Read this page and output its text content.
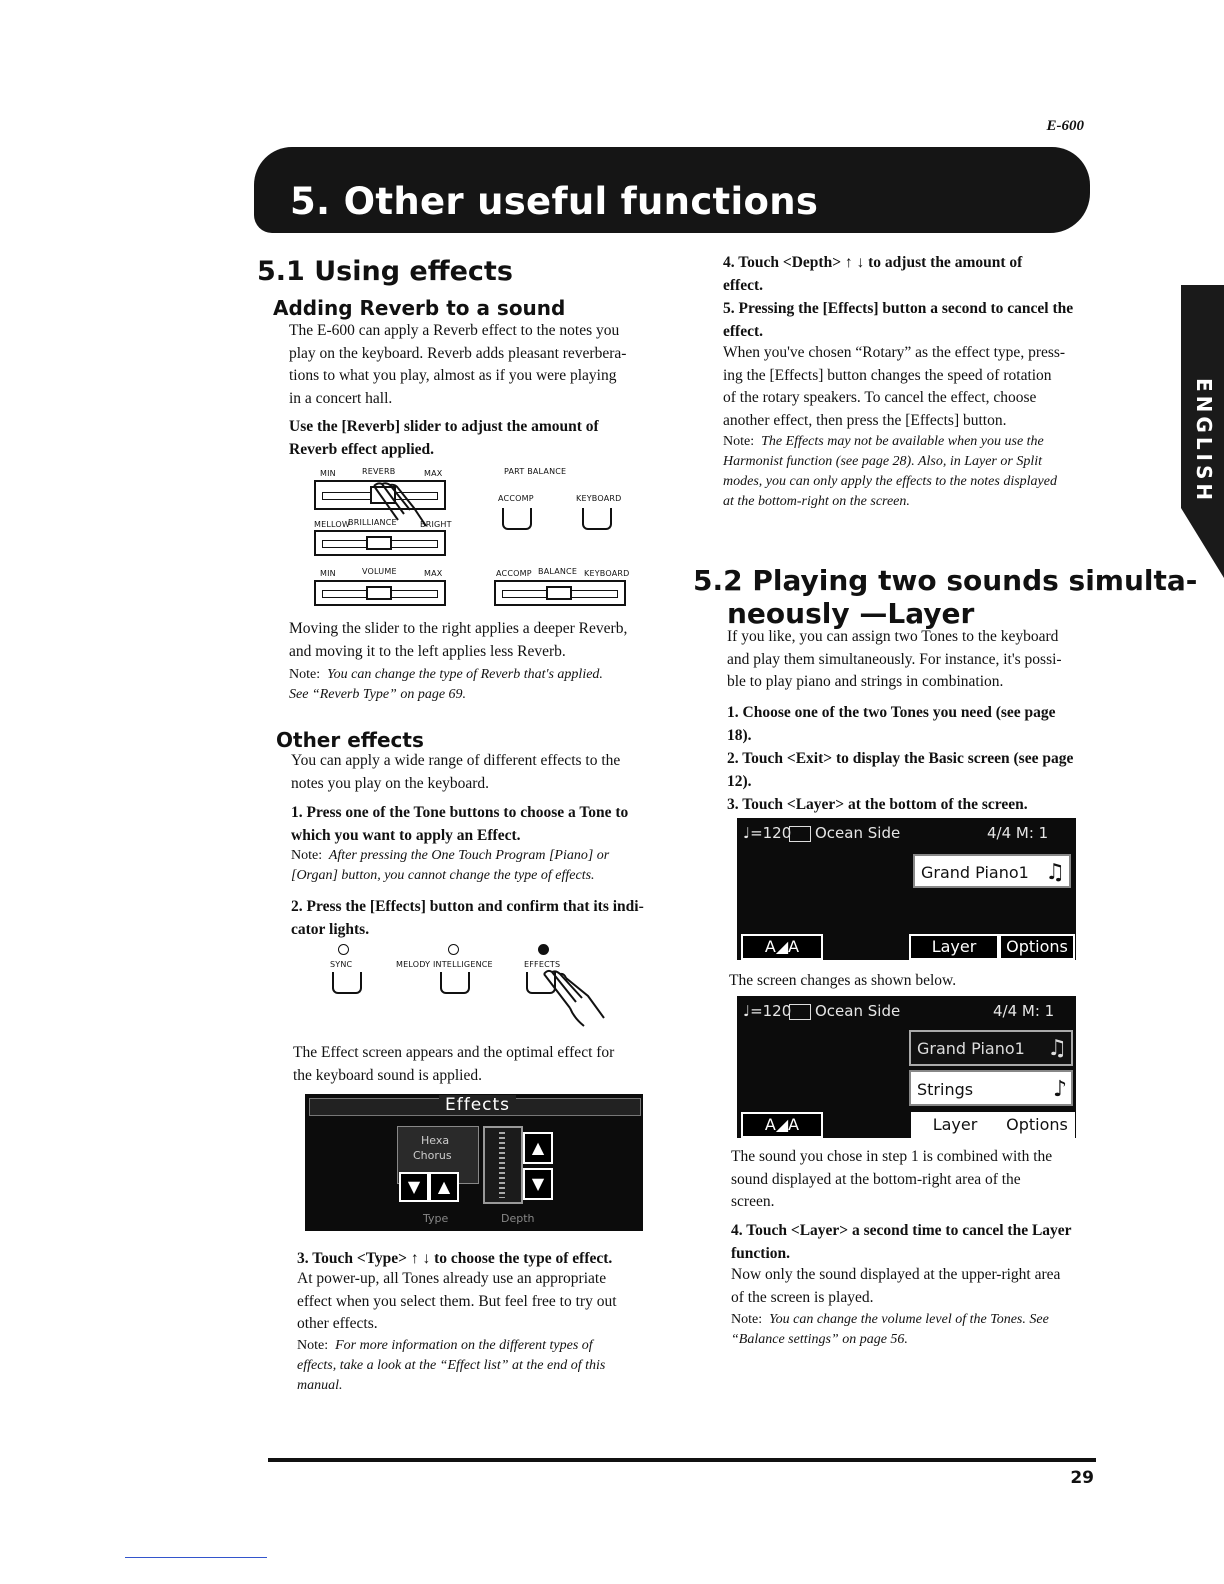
E-600
5. Other useful functions
ENGLISH
5.1 Using effects
Adding Reverb to a sound
The E-600 can apply a Reverb effect to the notes you
play on the keyboard. Reverb adds pleasant reverbera-
tions to what you play, almost as if you were playing
in a concert hall.
Use the [Reverb] slider to adjust the amount of
Reverb effect applied.
MIN	REVERB	MAX
MELLOW
BRILLIANCE	BRIGHT
MIN	VOLUME	MAX
PART BALANCE
ACCOMP	KEYBOARD
ACCOMP BALANCE KEYBOARD
Moving the slider to the right applies a deeper Reverb,
and moving it to the left applies less Reverb.
Note: You can change the type of Reverb that's applied.
See “Reverb Type” on page 69.
Other effects
You can apply a wide range of different effects to the
notes you play on the keyboard.
1. Press one of the Tone buttons to choose a Tone to
which you want to apply an Effect.
Note: After pressing the One Touch Program [Piano] or
[Organ] button, you cannot change the type of effects.
2. Press the [Effects] button and confirm that its indi-
cator lights.
SYNC	MELODY INTELLIGENCE	EFFECTS
The Effect screen appears and the optimal effect for
the keyboard sound is applied.
Effects
Hexa
Chorus
▼	▲
▲
▼
Type	Depth
3. Touch <Type> ↑ ↓ to choose the type of effect.
At power-up, all Tones already use an appropriate
effect when you select them. But feel free to try out
other effects.
Note: For more information on the different types of
effects, take a look at the “Effect list” at the end of this
manual.
4. Touch <Depth> ↑ ↓ to adjust the amount of
effect.
5. Pressing the [Effects] button a second to cancel the
effect.
When you've chosen “Rotary” as the effect type, press-
ing the [Effects] button changes the speed of rotation
of the rotary speakers. To cancel the effect, choose
another effect, then press the [Effects] button.
Note: The Effects may not be available when you use the
Harmonist function (see page 28). Also, in Layer or Split
modes, you can only apply the effects to the notes displayed
at the bottom-right on the screen.
5.2 Playing two sounds simulta-
neously —Layer
If you like, you can assign two Tones to the keyboard
and play them simultaneously. For instance, it's possi-
ble to play piano and strings in combination.
1. Choose one of the two Tones you need (see page
18).
2. Touch <Exit> to display the Basic screen (see page
12).
3. Touch <Layer> at the bottom of the screen.
♩=120 Ocean Side	4/4 M: 1
Grand Piano1 ♫
A◢A	Layer	Options
The screen changes as shown below.
♩=120 Ocean Side	4/4 M: 1
Grand Piano1 ♫
Strings	♪
A◢A	Layer	Options
The sound you chose in step 1 is combined with the
sound displayed at the bottom-right area of the
screen.
4. Touch <Layer> a second time to cancel the Layer
function.
Now only the sound displayed at the upper-right area
of the screen is played.
Note: You can change the volume level of the Tones. See
“Balance settings” on page 56.
29
